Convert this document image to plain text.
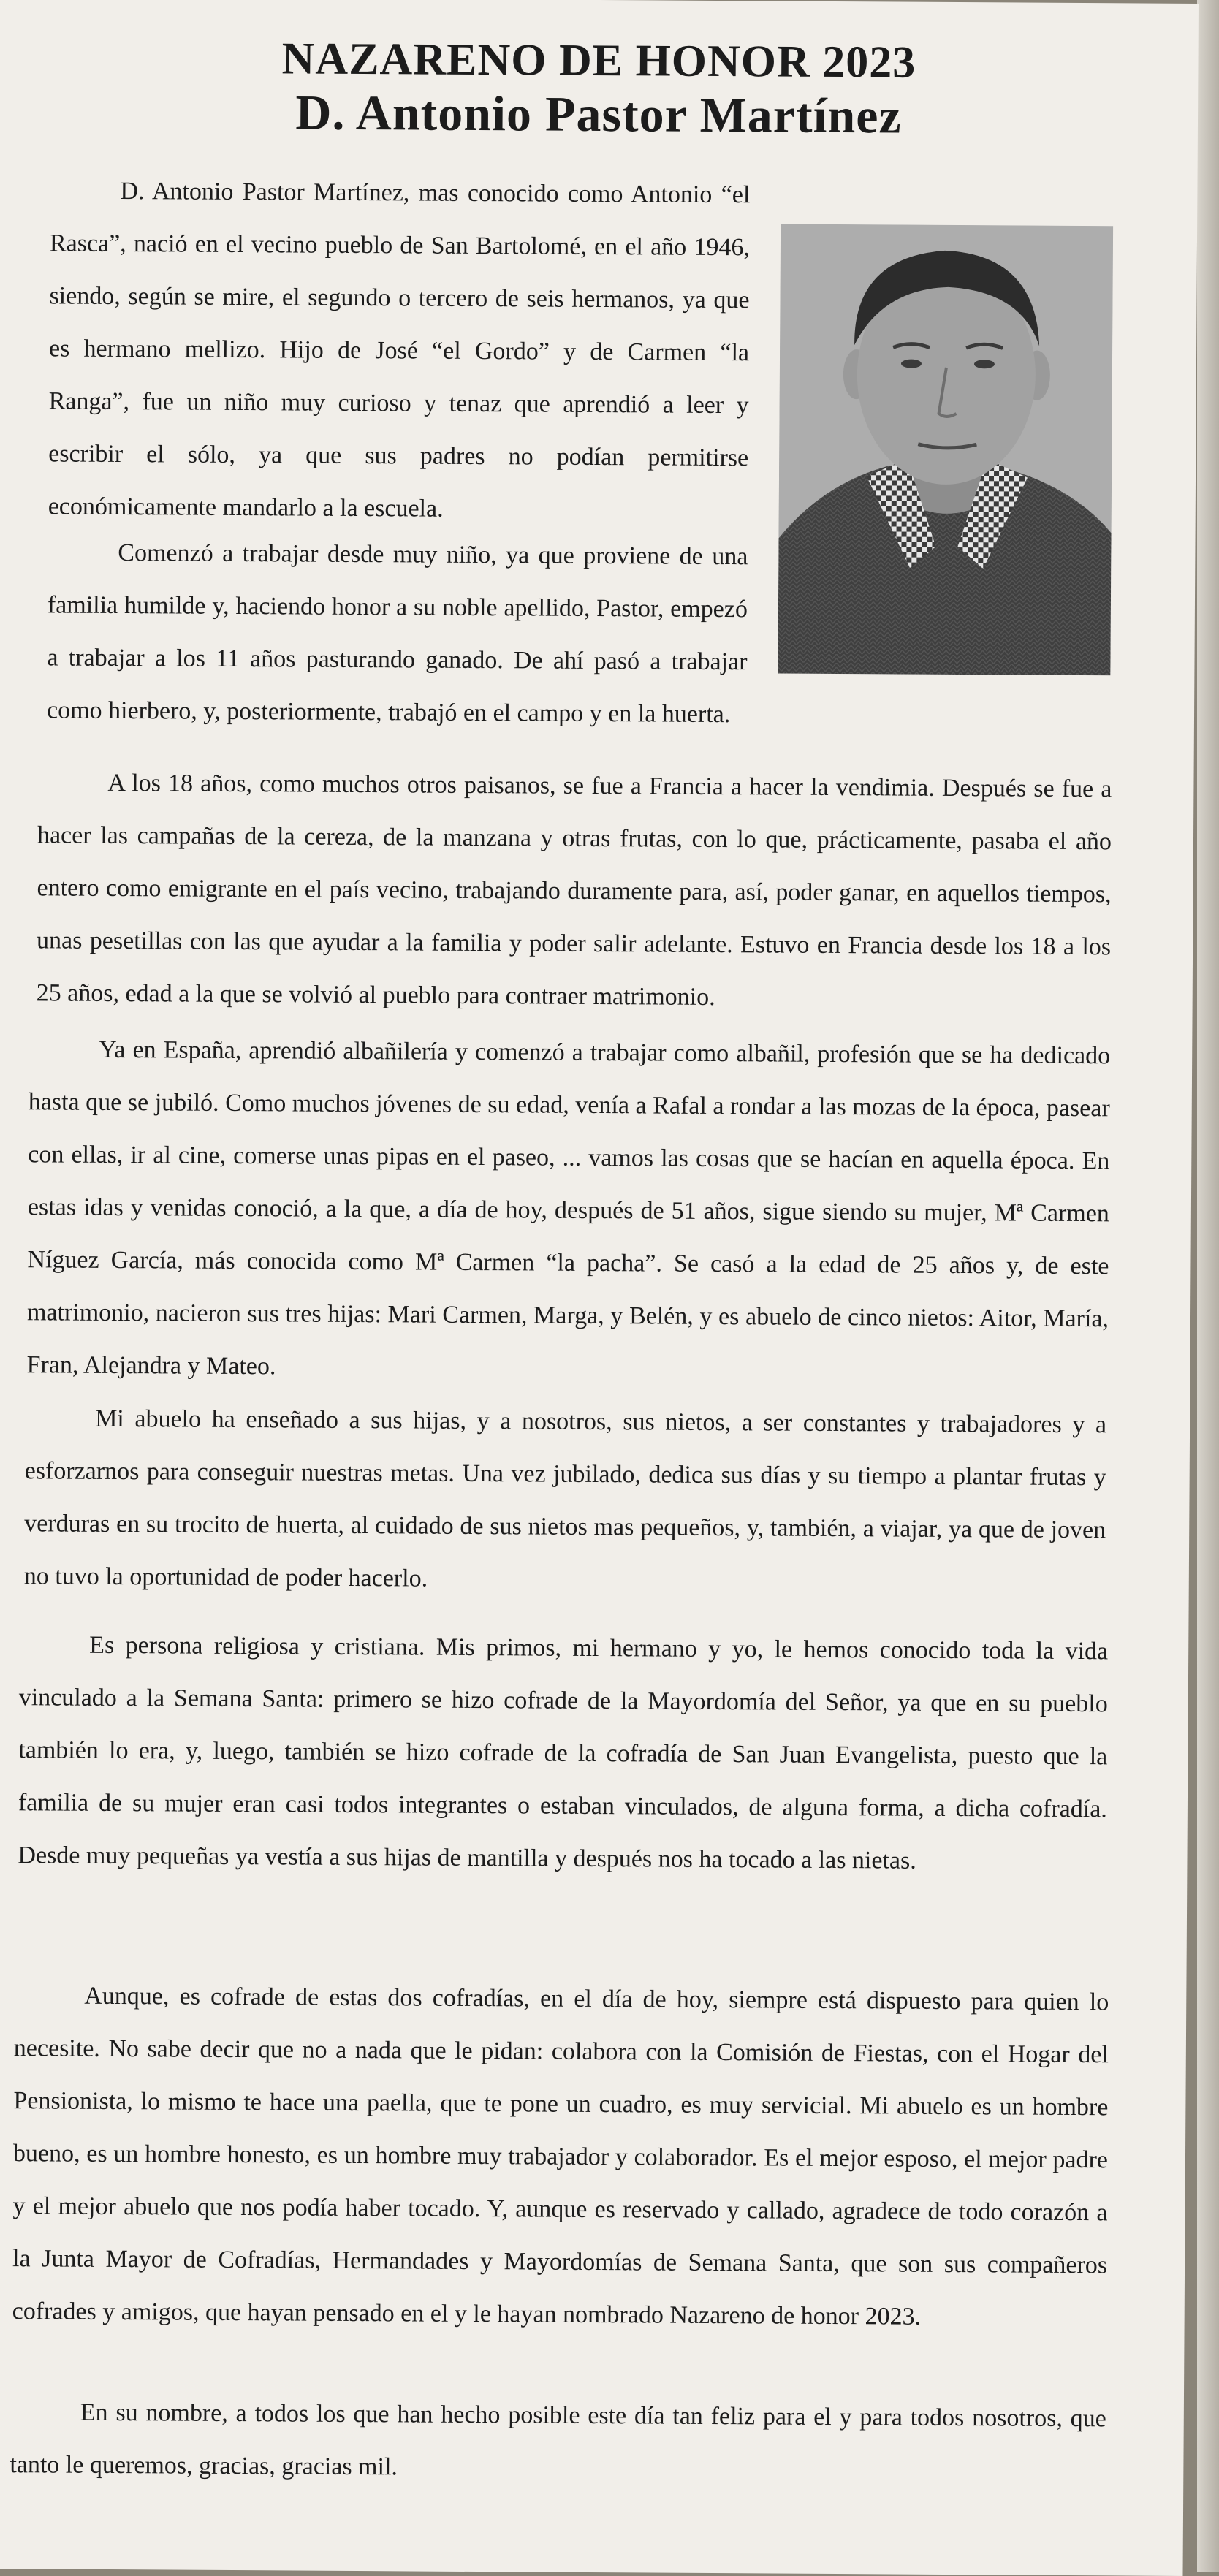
NAZARENO DE HONOR 2023
D. Antonio Pastor Martínez

D. Antonio Pastor Martínez, mas conocido como Antonio “el Rasca”, nació en el vecino pueblo de San Bartolomé, en el año 1946, siendo, según se mire, el segundo o tercero de seis hermanos, ya que es hermano mellizo. Hijo de José “el Gordo” y de Carmen “la Ranga”, fue un niño muy curioso y tenaz que aprendió a leer y escribir el sólo, ya que sus padres no podían permitirse económicamente mandarlo a la escuela.

Comenzó a trabajar desde muy niño, ya que proviene de una familia humilde y, haciendo honor a su noble apellido, Pastor, empezó a trabajar a los 11 años pasturando ganado. De ahí pasó a trabajar como hierbero, y, posteriormente, trabajó en el campo y en la huerta.

A los 18 años, como muchos otros paisanos, se fue a Francia a hacer la vendimia. Después se fue a hacer las campañas de la cereza, de la manzana y otras frutas, con lo que, prácticamente, pasaba el año entero como emigrante en el país vecino, trabajando duramente para, así, poder ganar, en aquellos tiempos, unas pesetillas con las que ayudar a la familia y poder salir adelante. Estuvo en Francia desde los 18 a los 25 años, edad a la que se volvió al pueblo para contraer matrimonio.

Ya en España, aprendió albañilería y comenzó a trabajar como albañil, profesión que se ha dedicado hasta que se jubiló. Como muchos jóvenes de su edad, venía a Rafal a rondar a las mozas de la época, pasear con ellas, ir al cine, comerse unas pipas en el paseo, ... vamos las cosas que se hacían en aquella época. En estas idas y venidas conoció, a la que, a día de hoy, después de 51 años, sigue siendo su mujer, Mª Carmen Níguez García, más conocida como Mª Carmen “la pacha”. Se casó a la edad de 25 años y, de este matrimonio, nacieron sus tres hijas: Mari Carmen, Marga, y Belén, y es abuelo de cinco nietos: Aitor, María, Fran, Alejandra y Mateo.

Mi abuelo ha enseñado a sus hijas, y a nosotros, sus nietos, a ser constantes y trabajadores y a esforzarnos para conseguir nuestras metas. Una vez jubilado, dedica sus días y su tiempo a plantar frutas y verduras en su trocito de huerta, al cuidado de sus nietos mas pequeños, y, también, a viajar, ya que de joven no tuvo la oportunidad de poder hacerlo.

Es persona religiosa y cristiana. Mis primos, mi hermano y yo, le hemos conocido toda la vida vinculado a la Semana Santa: primero se hizo cofrade de la Mayordomía del Señor, ya que en su pueblo también lo era, y, luego, también se hizo cofrade de la cofradía de San Juan Evangelista, puesto que la familia de su mujer eran casi todos integrantes o estaban vinculados, de alguna forma, a dicha cofradía. Desde muy pequeñas ya vestía a sus hijas de mantilla y después nos ha tocado a las nietas.

Aunque, es cofrade de estas dos cofradías, en el día de hoy, siempre está dispuesto para quien lo necesite. No sabe decir que no a nada que le pidan: colabora con la Comisión de Fiestas, con el Hogar del Pensionista, lo mismo te hace una paella, que te pone un cuadro, es muy servicial. Mi abuelo es un hombre bueno, es un hombre honesto, es un hombre muy trabajador y colaborador. Es el mejor esposo, el mejor padre y el mejor abuelo que nos podía haber tocado. Y, aunque es reservado y callado, agradece de todo corazón a la Junta Mayor de Cofradías, Hermandades y Mayordomías de Semana Santa, que son sus compañeros cofrades y amigos, que hayan pensado en el y le hayan nombrado Nazareno de honor 2023.

En su nombre, a todos los que han hecho posible este día tan feliz para el y para todos nosotros, que tanto le queremos, gracias, gracias mil.
